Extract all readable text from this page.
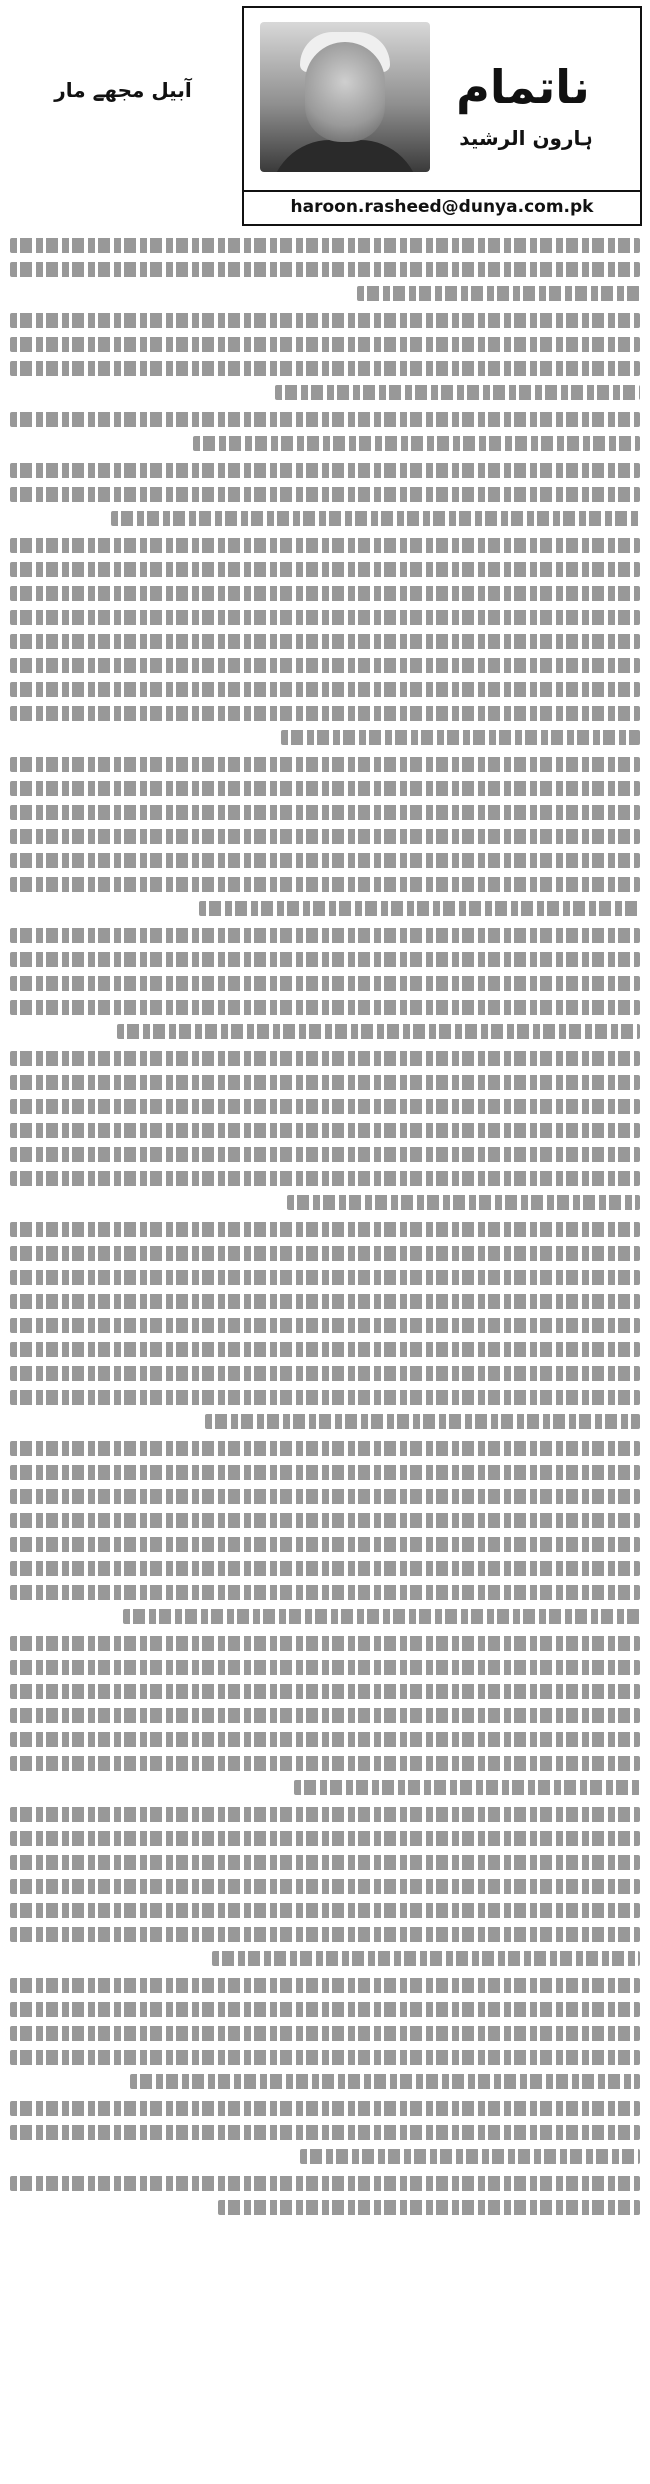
آبیل مجھے مار	ناتمام
ہارون الرشید
haroon.rasheed@dunya.com.pk
